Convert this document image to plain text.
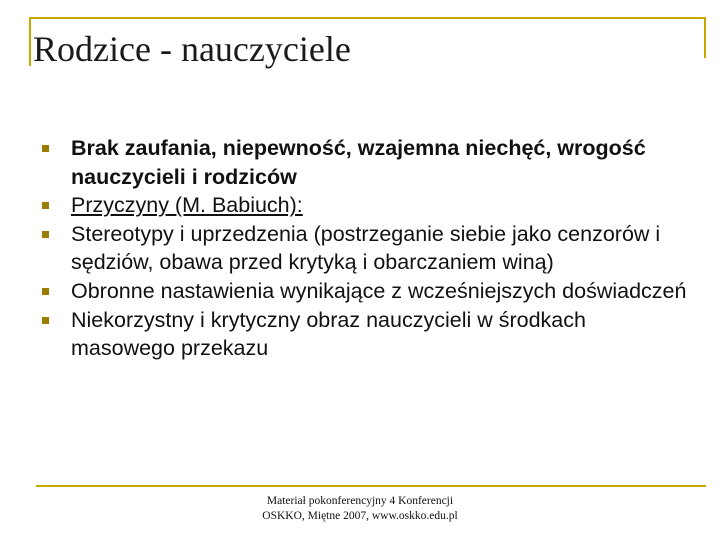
Rodzice - nauczyciele
Brak zaufania, niepewność, wzajemna niechęć, wrogość nauczycieli i rodziców
Przyczyny (M. Babiuch):
Stereotypy i uprzedzenia (postrzeganie siebie jako cenzorów i sędziów, obawa przed krytyką i obarczaniem winą)
Obronne nastawienia wynikające z wcześniejszych doświadczeń
Niekorzystny i krytyczny obraz nauczycieli w środkach masowego przekazu
Materiał pokonferencyjny 4 Konferencji
OSKKO, Miętne 2007, www.oskko.edu.pl
